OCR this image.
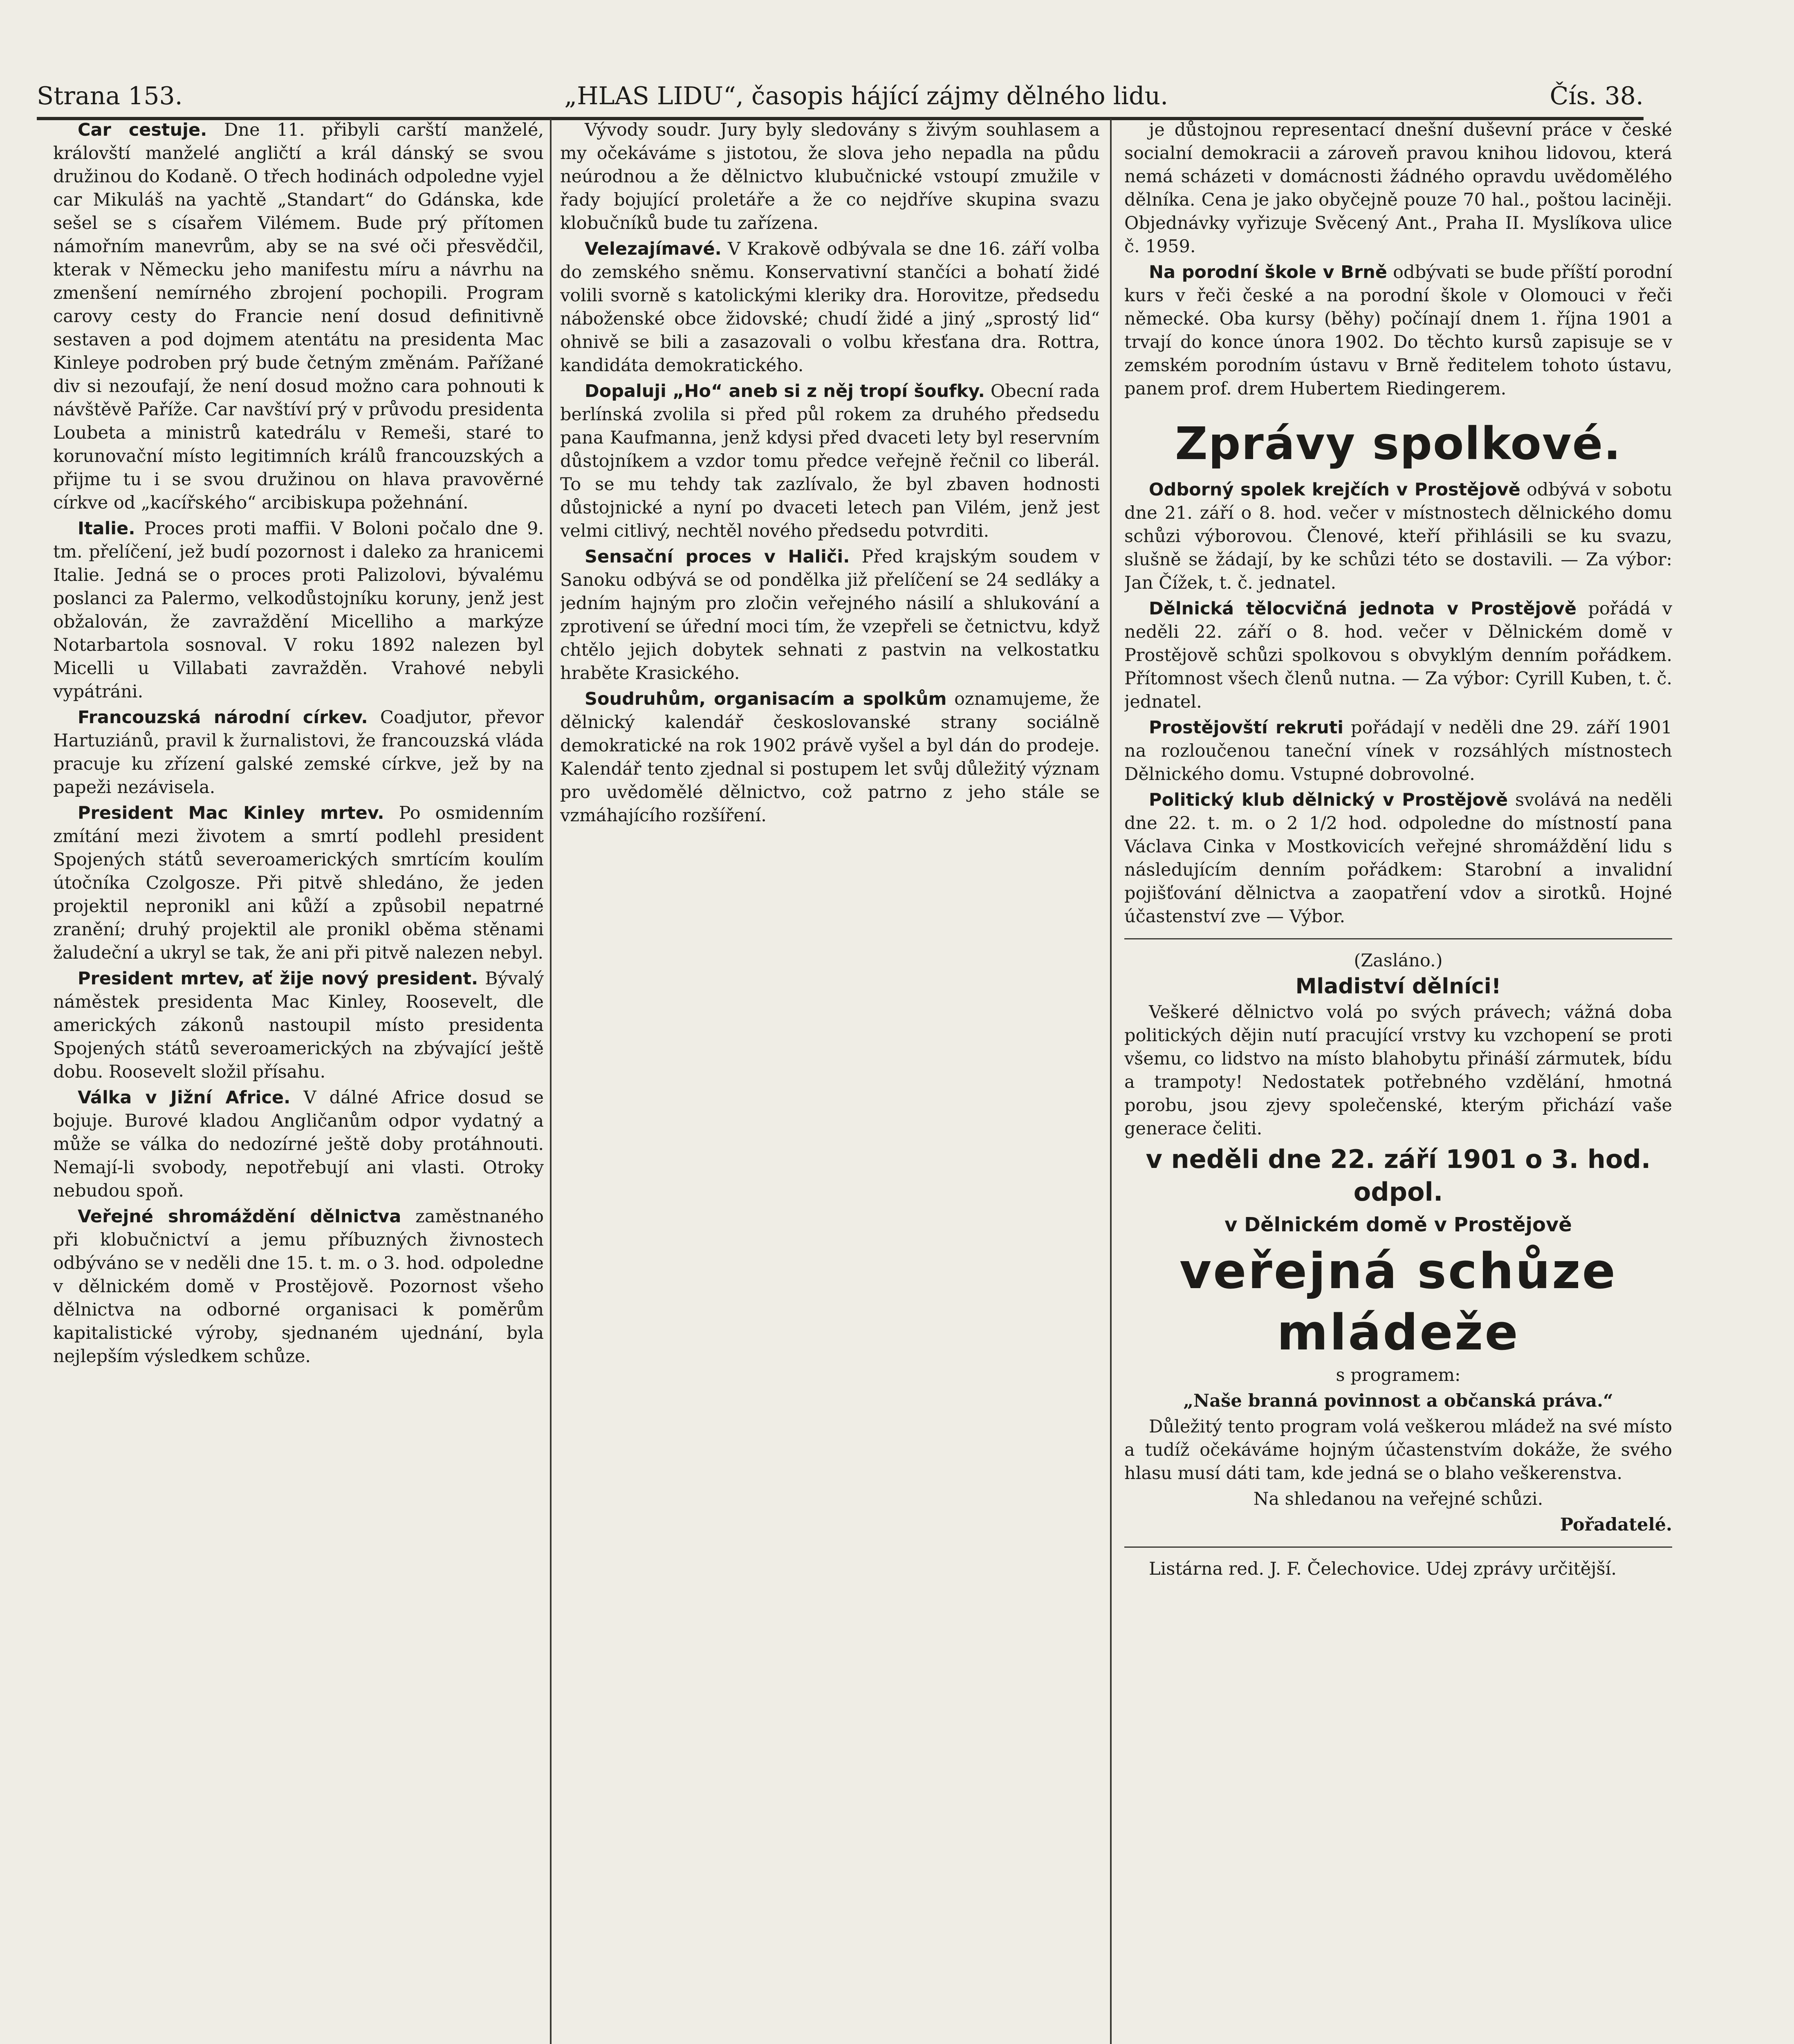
Strana 153.	„HLAS LIDU“, časopis hájící zájmy dělného lidu.	Čís. 38.

Car cestuje. Dne 11. přibyli carští manželé, královští manželé angličtí a král dánský se svou družinou do Kodaně. O třech hodinách odpoledne vyjel car Mikuláš na yachtě „Standart“ do Gdánska, kde sešel se s císařem Vilémem. Bude prý přítomen námořním manevrům, aby se na své oči přesvědčil, kterak v Německu jeho manifestu míru a návrhu na zmenšení nemírného zbrojení pochopili. Program carovy cesty do Francie není dosud definitivně sestaven a pod dojmem atentátu na presidenta Mac Kinleye podroben prý bude četným změnám. Pařížané div si nezoufají, že není dosud možno cara pohnouti k návštěvě Paříže. Car navštíví prý v průvodu presidenta Loubeta a ministrů katedrálu v Remeši, staré to korunovační místo legitimních králů francouzských a přijme tu i se svou družinou on hlava pravověrné církve od „kacířského“ arcibiskupa požehnání.

Italie. Proces proti maffii. V Boloni počalo dne 9. tm. přelíčení, jež budí pozornost i daleko za hranicemi Italie. Jedná se o proces proti Palizolovi, bývalému poslanci za Palermo, velkodůstojníku koruny, jenž jest obžalován, že zavraždění Micelliho a markýze Notarbartola sosnoval. V roku 1892 nalezen byl Micelli u Villabati zavražděn. Vrahové nebyli vypátráni.

Francouzská národní církev. Coadjutor, převor Hartuziánů, pravil k žurnalistovi, že francouzská vláda pracuje ku zřízení galské zemské církve, jež by na papeži nezávisela.

President Mac Kinley mrtev. Po osmidenním zmítání mezi životem a smrtí podlehl president Spojených států severoamerických smrtícím koulím útočníka Czolgosze. Při pitvě shledáno, že jeden projektil nepronikl ani kůží a způsobil nepatrné zranění; druhý projektil ale pronikl oběma stěnami žaludeční a ukryl se tak, že ani při pitvě nalezen nebyl.

President mrtev, ať žije nový president. Bývalý náměstek presidenta Mac Kinley, Roosevelt, dle amerických zákonů nastoupil místo presidenta Spojených států severoamerických na zbývající ještě dobu. Roosevelt složil přísahu.

Válka v Jižní Africe. V dálné Africe dosud se bojuje. Burové kladou Angličanům odpor vydatný a může se válka do nedozírné ještě doby protáhnouti. Nemají-li svobody, nepotřebují ani vlasti. Otroky nebudou spoň.

Veřejné shromáždění dělnictva zaměstnaného při klobučnictví a jemu příbuzných živnostech odbýváno se v neděli dne 15. t. m. o 3. hod. odpoledne v dělnickém domě v Prostějově. Pozornost všeho dělnictva na odborné organisaci k poměrům kapitalistické výroby, sjednaném ujednání, byla nejlepším výsledkem schůze.

Vývody soudr. Jury byly sledovány s živým souhlasem a my očekáváme s jistotou, že slova jeho nepadla na půdu neúrodnou a že dělnictvo klubučnické vstoupí zmužile v řady bojující proletáře a že co nejdříve skupina svazu klobučníků bude tu zařízena.

Velezajímavé. V Krakově odbývala se dne 16. září volba do zemského sněmu. Konservativní stančíci a bohatí židé volili svorně s katolickými kleriky dra. Horovitze, předsedu náboženské obce židovské; chudí židé a jiný „sprostý lid“ ohnivě se bili a zasazovali o volbu křesťana dra. Rottra, kandidáta demokratického.

Dopaluji „Ho“ aneb si z něj tropí šoufky. Obecní rada berlínská zvolila si před půl rokem za druhého předsedu pana Kaufmanna, jenž kdysi před dvaceti lety byl reservním důstojníkem a vzdor tomu předce veřejně řečnil co liberál. To se mu tehdy tak zazlívalo, že byl zbaven hodnosti důstojnické a nyní po dvaceti letech pan Vilém, jenž jest velmi citlivý, nechtěl nového předsedu potvrditi.

Sensační proces v Haliči. Před krajským soudem v Sanoku odbývá se od pondělka již přelíčení se 24 sedláky a jedním hajným pro zločin veřejného násilí a shlukování a zprotivení se úřední moci tím, že vzepřeli se četnictvu, když chtělo jejich dobytek sehnati z pastvin na velkostatku hraběte Krasického.

Soudruhům, organisacím a spolkům oznamujeme, že dělnický kalendář českoslovanské strany sociálně demokratické na rok 1902 právě vyšel a byl dán do prodeje. Kalendář tento zjednal si postupem let svůj důležitý význam pro uvědomělé dělnictvo, což patrno z jeho stále se vzmáhajícího rozšíření.

je důstojnou representací dnešní duševní práce v české socialní demokracii a zároveň pravou knihou lidovou, která nemá scházeti v domácnosti žádného opravdu uvědomělého dělníka. Cena je jako obyčejně pouze 70 hal., poštou laciněji. Objednávky vyřizuje Svěcený Ant., Praha II. Myslíkova ulice č. 1959.

Na porodní škole v Brně odbývati se bude příští porodní kurs v řeči české a na porodní škole v Olomouci v řeči německé. Oba kursy (běhy) počínají dnem 1. října 1901 a trvají do konce února 1902. Do těchto kursů zapisuje se v zemském porodním ústavu v Brně ředitelem tohoto ústavu, panem prof. drem Hubertem Riedingerem.

Zprávy spolkové.

Odborný spolek krejčích v Prostějově odbývá v sobotu dne 21. září o 8. hod. večer v místnostech dělnického domu schůzi výborovou. Členové, kteří přihlásili se ku svazu, slušně se žádají, by ke schůzi této se dostavili. — Za výbor: Jan Čížek, t. č. jednatel.

Dělnická tělocvičná jednota v Prostějově pořádá v neděli 22. září o 8. hod. večer v Dělnickém domě v Prostějově schůzi spolkovou s obvyklým denním pořádkem. Přítomnost všech členů nutna. — Za výbor: Cyrill Kuben, t. č. jednatel.

Prostějovští rekruti pořádají v neděli dne 29. září 1901 na rozloučenou taneční vínek v rozsáhlých místnostech Dělnického domu. Vstupné dobrovolné.

Politický klub dělnický v Prostějově svolává na neděli dne 22. t. m. o 2 1/2 hod. odpoledne do místností pana Václava Cinka v Mostkovicích veřejné shromáždění lidu s následujícím denním pořádkem: Starobní a invalidní pojišťování dělnictva a zaopatření vdov a sirotků. Hojné účastenství zve — Výbor.

(Zasláno.)

Mladiství dělníci!

Veškeré dělnictvo volá po svých právech; vážná doba politických dějin nutí pracující vrstvy ku vzchopení se proti všemu, co lidstvo na místo blahobytu přináší zármutek, bídu a trampoty! Nedostatek potřebného vzdělání, hmotná porobu, jsou zjevy společenské, kterým přichází vaše generace čeliti.

v neděli dne 22. září 1901 o 3. hod. odpol.
v Dělnickém domě v Prostějově
veřejná schůze mládeže

s programem:

„Naše branná povinnost a občanská práva.“

Důležitý tento program volá veškerou mládež na své místo a tudíž očekáváme hojným účastenstvím dokáže, že svého hlasu musí dáti tam, kde jedná se o blaho veškerenstva.

Na shledanou na veřejné schůzi.

Pořadatelé.

Listárna red. J. F. Čelechovice. Udej zprávy určitější.
